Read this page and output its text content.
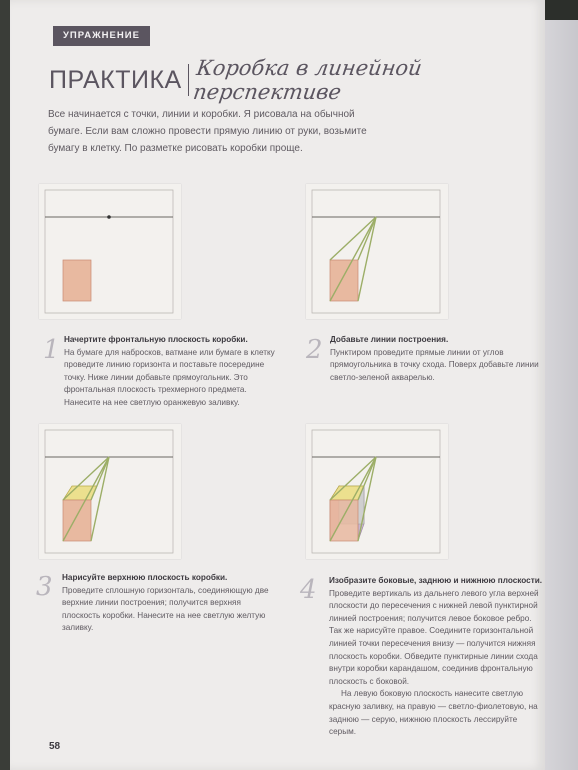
УПРАЖНЕНИЕ
ПРАКТИКА Коробка в линейной перспективе
Все начинается с точки, линии и коробки. Я рисовала на обычной бумаге. Если вам сложно провести прямую линию от руки, возьмите бумагу в клетку. По разметке рисовать коробки проще.
1 Начертите фронтальную плоскость коробки.
На бумаге для набросков, ватмане или бумаге в клетку проведите линию горизонта и поставьте посередине точку. Ниже линии добавьте прямоугольник. Это фронтальная плоскость трехмерного предмета. Нанесите на нее светлую оранжевую заливку.
2 Добавьте линии построения.
Пунктиром проведите прямые линии от углов прямоугольника в точку схода. Поверх добавьте линии светло-зеленой акварелью.
3 Нарисуйте верхнюю плоскость коробки.
Проведите сплошную горизонталь, соединяющую две верхние линии построения; получится верхняя плоскость коробки. Нанесите на нее светлую желтую заливку.
4 Изобразите боковые, заднюю и нижнюю плоскости.
Проведите вертикаль из дальнего левого угла верхней плоскости до пересечения с нижней левой пунктирной линией построения; получится левое боковое ребро. Так же нарисуйте правое. Соедините горизонтальной линией точки пересечения внизу — получится нижняя плоскость коробки. Обведите пунктирные линии схода внутри коробки карандашом, соединив фронтальную плоскость с боковой.
На левую боковую плоскость нанесите светлую красную заливку, на правую — светло-фиолетовую, на заднюю — серую, нижнюю плоскость лессируйте серым.
58
